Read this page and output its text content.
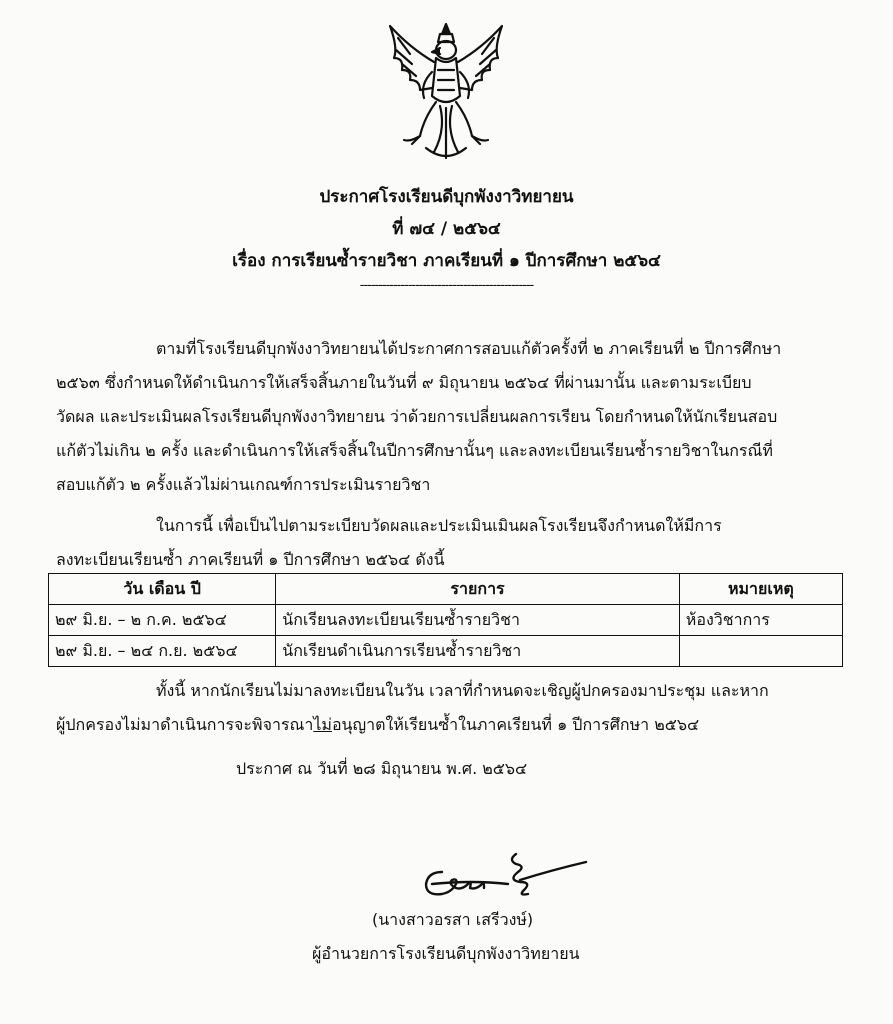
ประกาศโรงเรียนดีบุกพังงาวิทยายน
ที่ ๗๔ / ๒๕๖๔
เรื่อง การเรียนซ้ำรายวิชา ภาคเรียนที่ ๑ ปีการศึกษา ๒๕๖๔
-----------------------------------------------
ตามที่โรงเรียนดีบุกพังงาวิทยายนได้ประกาศการสอบแก้ตัวครั้งที่ ๒ ภาคเรียนที่ ๒ ปีการศึกษา
๒๕๖๓ ซึ่งกำหนดให้ดำเนินการให้เสร็จสิ้นภายในวันที่ ๙ มิถุนายน ๒๕๖๔ ที่ผ่านมานั้น และตามระเบียบ
วัดผล และประเมินผลโรงเรียนดีบุกพังงาวิทยายน ว่าด้วยการเปลี่ยนผลการเรียน โดยกำหนดให้นักเรียนสอบ
แก้ตัวไม่เกิน ๒ ครั้ง และดำเนินการให้เสร็จสิ้นในปีการศึกษานั้นๆ และลงทะเบียนเรียนซ้ำรายวิชาในกรณีที่
สอบแก้ตัว ๒ ครั้งแล้วไม่ผ่านเกณฑ์การประเมินรายวิชา
ในการนี้ เพื่อเป็นไปตามระเบียบวัดผลและประเมินเมินผลโรงเรียนจึงกำหนดให้มีการ
ลงทะเบียนเรียนซ้ำ ภาคเรียนที่ ๑ ปีการศึกษา ๒๕๖๔ ดังนี้
วัน เดือน ปี	รายการ	หมายเหตุ
๒๙ มิ.ย. – ๒ ก.ค. ๒๕๖๔	นักเรียนลงทะเบียนเรียนซ้ำรายวิชา	ห้องวิชาการ
๒๙ มิ.ย. – ๒๔ ก.ย. ๒๕๖๔	นักเรียนดำเนินการเรียนซ้ำรายวิชา	
ทั้งนี้ หากนักเรียนไม่มาลงทะเบียนในวัน เวลาที่กำหนดจะเชิญผู้ปกครองมาประชุม และหาก
ผู้ปกครองไม่มาดำเนินการจะพิจารณาไม่อนุญาตให้เรียนซ้ำในภาคเรียนที่ ๑ ปีการศึกษา ๒๕๖๔
ประกาศ ณ วันที่ ๒๘ มิถุนายน พ.ศ. ๒๕๖๔
(นางสาวอรสา เสรีวงษ์)
ผู้อำนวยการโรงเรียนดีบุกพังงาวิทยายน
